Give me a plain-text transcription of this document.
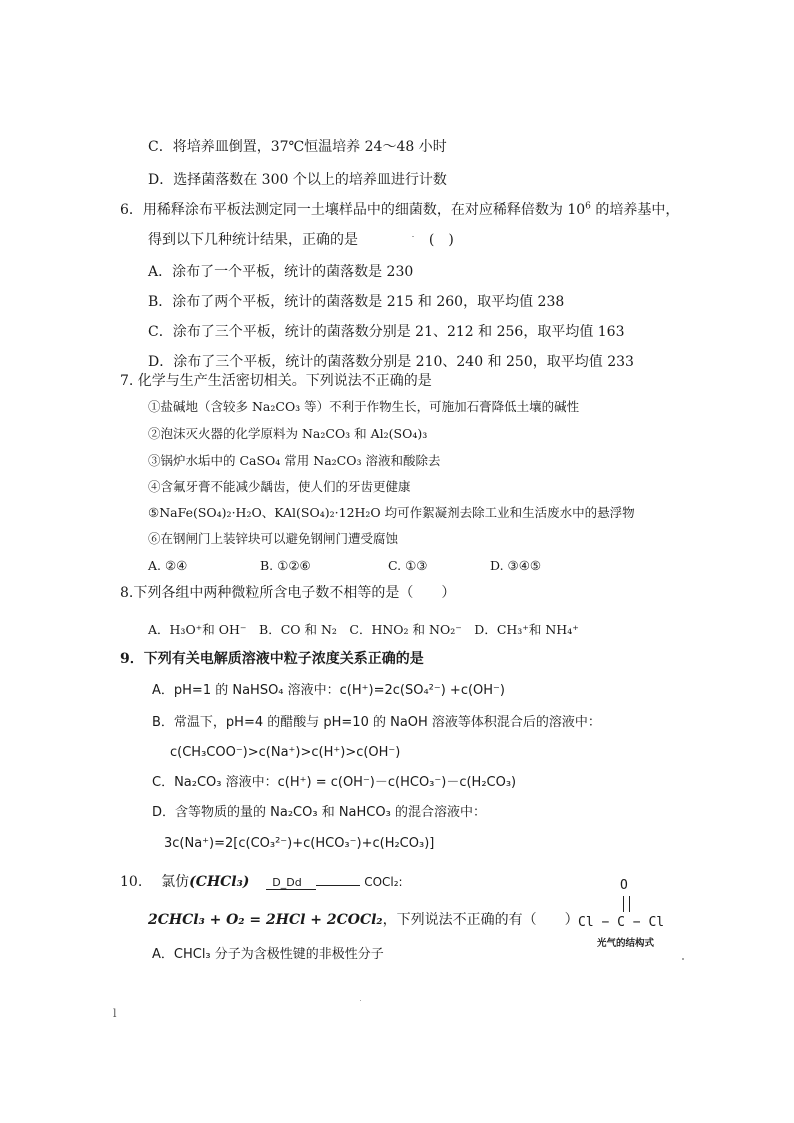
C．将培养皿倒置，37℃恒温培养 24～48 小时
D．选择菌落数在 300 个以上的培养皿进行计数
6．用稀释涂布平板法测定同一土壤样品中的细菌数，在对应稀释倍数为 $10^6$ 的培养基中，
得到以下几种统计结果，正确的是	(　)
A．涂布了一个平板，统计的菌落数是 230
B．涂布了两个平板，统计的菌落数是 215 和 260，取平均值 238
C．涂布了三个平板，统计的菌落数分别是 21、212 和 256，取平均值 163
D．涂布了三个平板，统计的菌落数分别是 210、240 和 250，取平均值 233
7. 化学与生产生活密切相关。下列说法不正确的是
①盐碱地（含较多 Na₂CO₃ 等）不利于作物生长，可施加石膏降低土壤的碱性
②泡沫灭火器的化学原料为 Na₂CO₃ 和 Al₂(SO₄)₃
③锅炉水垢中的 CaSO₄ 常用 Na₂CO₃ 溶液和酸除去
④含氟牙膏不能减少龋齿，使人们的牙齿更健康
⑤NaFe(SO₄)₂·H₂O、KAl(SO₄)₂·12H₂O 均可作絮凝剂去除工业和生活废水中的悬浮物
⑥在钢闸门上装锌块可以避免钢闸门遭受腐蚀
A. ②④	B. ①②⑥	C. ①③	D. ③④⑤
8.下列各组中两种微粒所含电子数不相等的是（　　）
A．H₃O⁺和 OH⁻　B．CO 和 N₂　C．HNO₂ 和 NO₂⁻　D．CH₃⁺和 NH₄⁺
9．下列有关电解质溶液中粒子浓度关系正确的是
A．pH=1 的 NaHSO₄ 溶液中：c(H⁺)=2c(SO₄²⁻) +c(OH⁻)
B．常温下，pH=4 的醋酸与 pH=10 的 NaOH 溶液等体积混合后的溶液中：
c(CH₃COO⁻)>c(Na⁺)>c(H⁺)>c(OH⁻)
C．Na₂CO₃ 溶液中：c(H⁺) = c(OH⁻)－c(HCO₃⁻)－c(H₂CO₃)
D．含等物质的量的 Na₂CO₃ 和 NaHCO₃ 的混合溶液中：
3c(Na⁺)=2[c(CO₃²⁻)+c(HCO₃⁻)+c(H₂CO₃)]
10. 氯仿(CHCl₃) D_Dd	COCl₂:
2CHCl₃ + O₂ = 2HCl + 2COCl₂，下列说法不正确的有（　　）
A．CHCl₃ 分子为含极性键的非极性分子
O
Cl − C − Cl
光气的结构式
l
